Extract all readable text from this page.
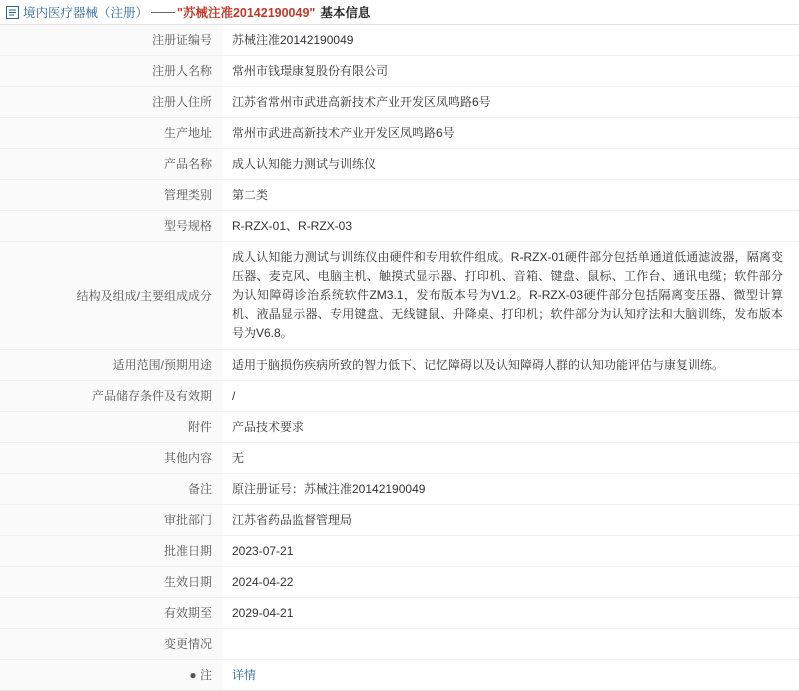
境内医疗器械（注册） —— "苏械注准20142190049" 基本信息
注册证编号	苏械注准20142190049
注册人名称	常州市钱璟康复股份有限公司
注册人住所	江苏省常州市武进高新技术产业开发区凤鸣路6号
生产地址	常州市武进高新技术产业开发区凤鸣路6号
产品名称	成人认知能力测试与训练仪
管理类别	第二类
型号规格	R-RZX-01、R-RZX-03
结构及组成/主要组成成分	成人认知能力测试与训练仪由硬件和专用软件组成。R-RZX-01硬件部分包括单通道低通滤波器，隔离变压器、麦克风、电脑主机、触摸式显示器、打印机、音箱、键盘、鼠标、工作台、通讯电缆；软件部分为认知障碍诊治系统软件ZM3.1，发布版本号为V1.2。R-RZX-03硬件部分包括隔离变压器、微型计算机、液晶显示器、专用键盘、无线键鼠、升降桌、打印机；软件部分为认知疗法和大脑训练，发布版本号为V6.8。
适用范围/预期用途	适用于脑损伤疾病所致的智力低下、记忆障碍以及认知障碍人群的认知功能评估与康复训练。
产品储存条件及有效期	/
附件	产品技术要求
其他内容	无
备注	原注册证号：苏械注准20142190049
审批部门	江苏省药品监督管理局
批准日期	2023-07-21
生效日期	2024-04-22
有效期至	2029-04-21
变更情况	
● 注	详情
